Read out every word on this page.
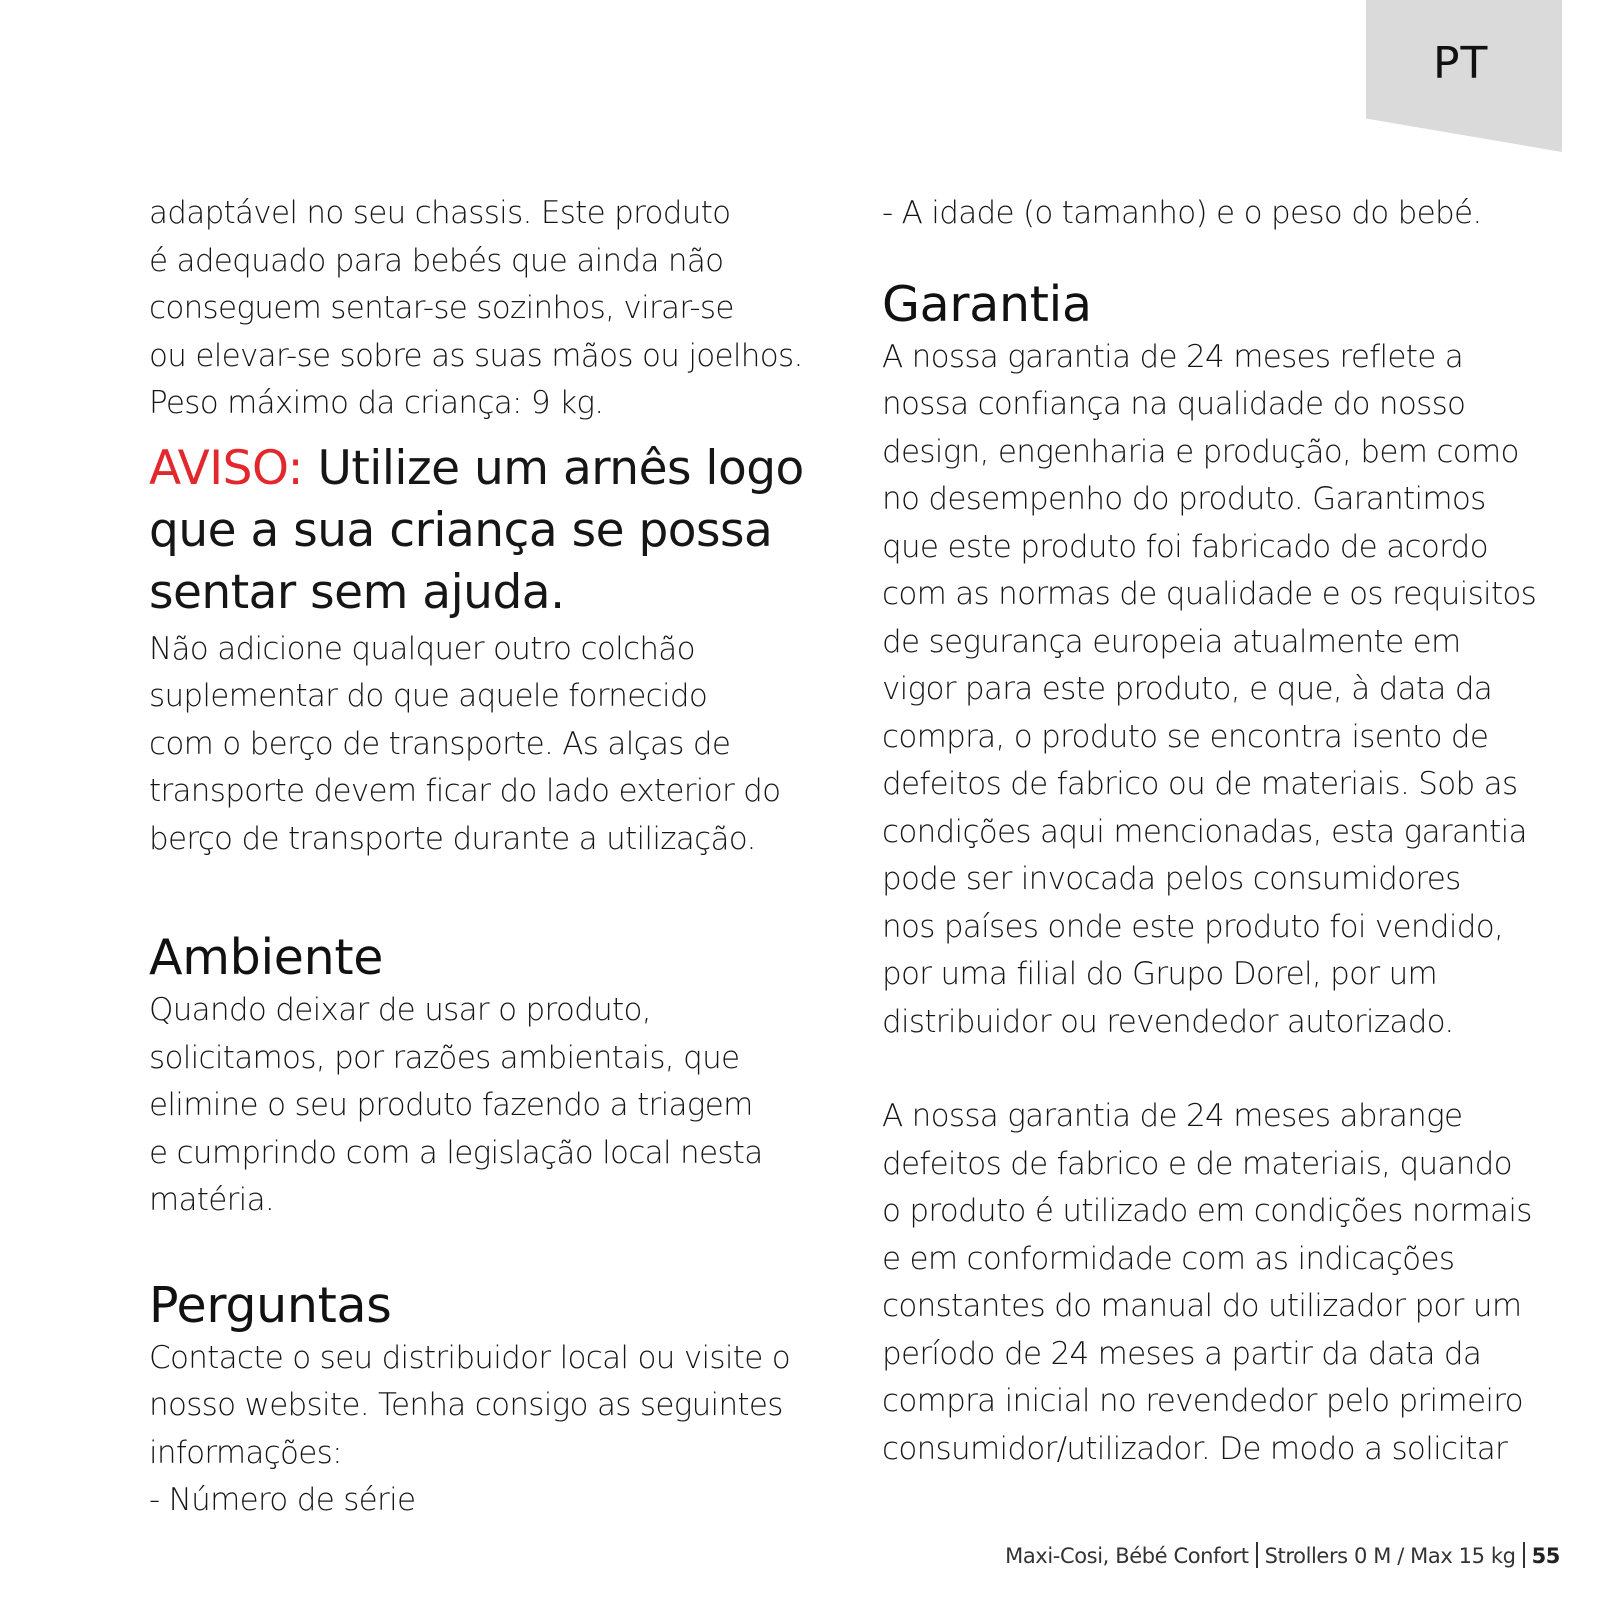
PT

adaptável no seu chassis. Este produto
é adequado para bebés que ainda não
conseguem sentar-se sozinhos, virar-se
ou elevar-se sobre as suas mãos ou joelhos.
Peso máximo da criança: 9 kg.

AVISO: Utilize um arnês logo
que a sua criança se possa
sentar sem ajuda.

Não adicione qualquer outro colchão
suplementar do que aquele fornecido
com o berço de transporte. As alças de
transporte devem ficar do lado exterior do
berço de transporte durante a utilização.

Ambiente

Quando deixar de usar o produto,
solicitamos, por razões ambientais, que
elimine o seu produto fazendo a triagem
e cumprindo com a legislação local nesta
matéria.

Perguntas

Contacte o seu distribuidor local ou visite o
nosso website. Tenha consigo as seguintes
informações:
- Número de série

- A idade (o tamanho) e o peso do bebé.

Garantia

A nossa garantia de 24 meses reflete a
nossa confiança na qualidade do nosso
design, engenharia e produção, bem como
no desempenho do produto. Garantimos
que este produto foi fabricado de acordo
com as normas de qualidade e os requisitos
de segurança europeia atualmente em
vigor para este produto, e que, à data da
compra, o produto se encontra isento de
defeitos de fabrico ou de materiais. Sob as
condições aqui mencionadas, esta garantia
pode ser invocada pelos consumidores
nos países onde este produto foi vendido,
por uma filial do Grupo Dorel, por um
distribuidor ou revendedor autorizado.

A nossa garantia de 24 meses abrange
defeitos de fabrico e de materiais, quando
o produto é utilizado em condições normais
e em conformidade com as indicações
constantes do manual do utilizador por um
período de 24 meses a partir da data da
compra inicial no revendedor pelo primeiro
consumidor/utilizador. De modo a solicitar

Maxi-Cosi, Bébé Confort Strollers 0 M / Max 15 kg 55
